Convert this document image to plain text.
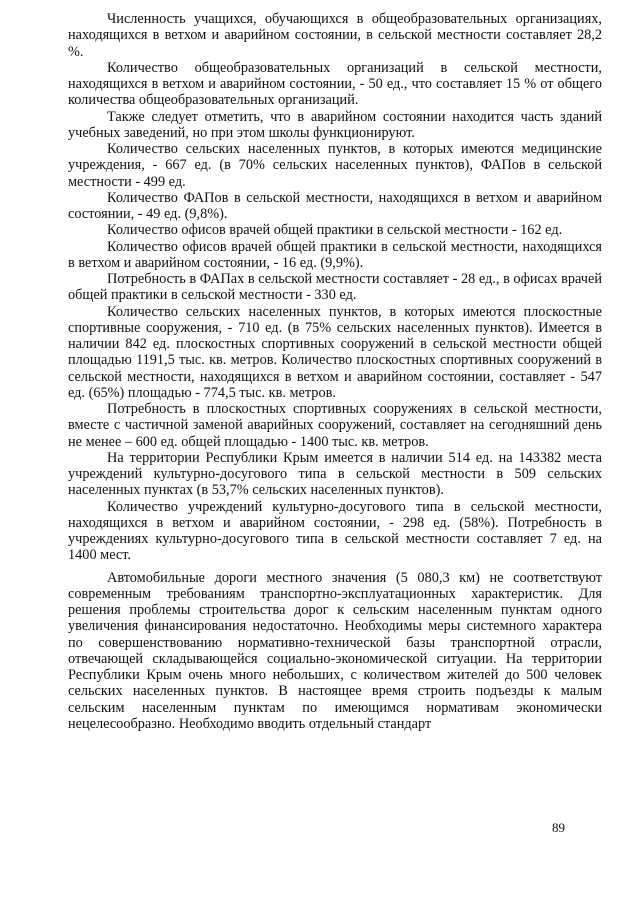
Численность учащихся, обучающихся в общеобразовательных организациях, находящихся в ветхом и аварийном состоянии, в сельской местности составляет 28,2 %.

Количество общеобразовательных организаций в сельской местности, находящихся в ветхом и аварийном состоянии, - 50 ед., что составляет 15 % от общего количества общеобразовательных организаций.

Также следует отметить, что в аварийном состоянии находится часть зданий учебных заведений, но при этом школы функционируют.

Количество сельских населенных пунктов, в которых имеются медицинские учреждения, - 667 ед. (в 70% сельских населенных пунктов), ФАПов в сельской местности - 499 ед.

Количество ФАПов в сельской местности, находящихся в ветхом и аварийном состоянии, - 49 ед. (9,8%).

Количество офисов врачей общей практики в сельской местности - 162 ед.

Количество офисов врачей общей практики в сельской местности, находящихся в ветхом и аварийном состоянии, - 16 ед. (9,9%).

Потребность в ФАПах в сельской местности составляет - 28 ед., в офисах врачей общей практики в сельской местности - 330 ед.

Количество сельских населенных пунктов, в которых имеются плоскостные спортивные сооружения, - 710 ед. (в 75% сельских населенных пунктов). Имеется в наличии 842 ед. плоскостных спортивных сооружений в сельской местности общей площадью 1191,5 тыс. кв. метров. Количество плоскостных спортивных сооружений в сельской местности, находящихся в ветхом и аварийном состоянии, составляет - 547 ед. (65%) площадью - 774,5 тыс. кв. метров.

Потребность в плоскостных спортивных сооружениях в сельской местности, вместе с частичной заменой аварийных сооружений, составляет на сегодняшний день не менее – 600 ед. общей площадью - 1400 тыс. кв. метров.

На территории Республики Крым имеется в наличии 514 ед. на 143382 места учреждений культурно-досугового типа в сельской местности в 509 сельских населенных пунктах (в 53,7% сельских населенных пунктов).

Количество учреждений культурно-досугового типа в сельской местности, находящихся в ветхом и аварийном состоянии, - 298 ед. (58%). Потребность в учреждениях культурно-досугового типа в сельской местности составляет 7 ед. на 1400 мест.

Автомобильные дороги местного значения (5 080,3 км) не соответствуют современным требованиям транспортно-эксплуатационных характеристик. Для решения проблемы строительства дорог к сельским населенным пунктам одного увеличения финансирования недостаточно. Необходимы меры системного характера по совершенствованию нормативно-технической базы транспортной отрасли, отвечающей складывающейся социально-экономической ситуации. На территории Республики Крым очень много небольших, с количеством жителей до 500 человек сельских населенных пунктов. В настоящее время строить подъезды к малым сельским населенным пунктам по имеющимся нормативам экономически нецелесообразно. Необходимо вводить отдельный стандарт

89
